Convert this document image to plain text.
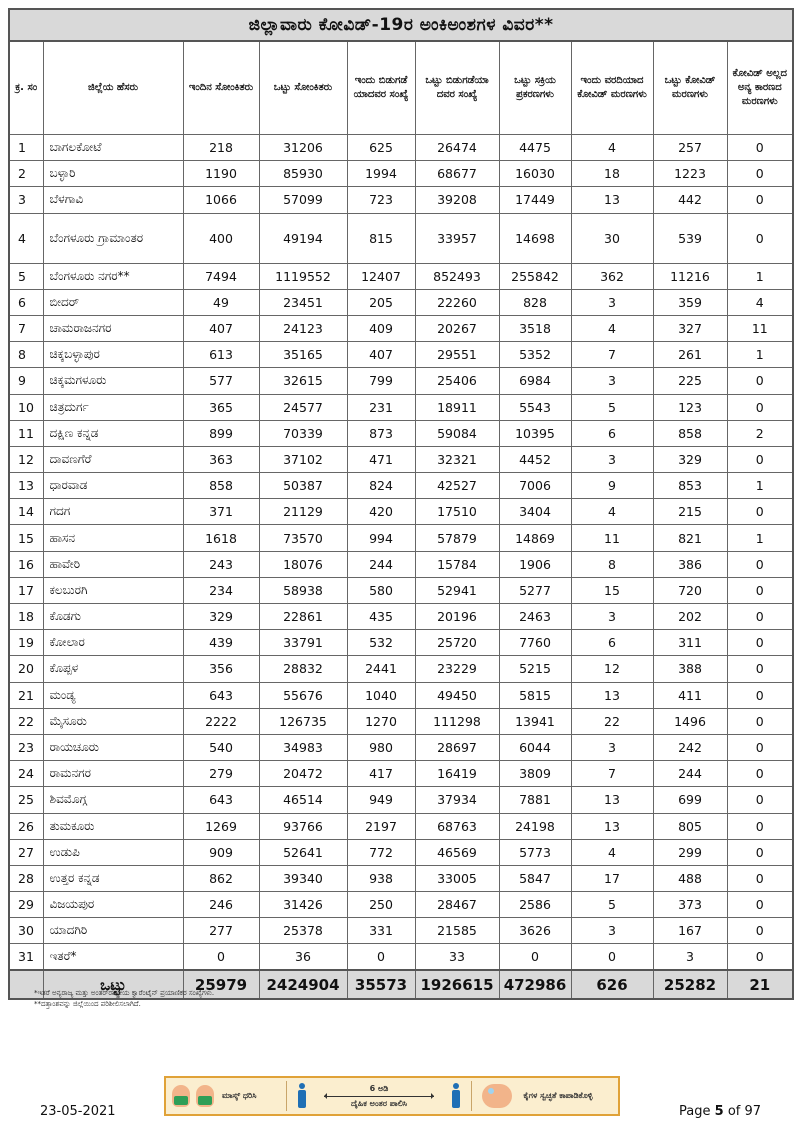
ಜಿಲ್ಲಾವಾರು ಕೋವಿಡ್-19ರ ಅಂಕಿಅಂಶಗಳ ವಿವರ**									
ಕ್ರ. ಸಂ	ಜಿಲ್ಲೆಯ ಹೆಸರು	ಇಂದಿನ ಸೋಂಕಿತರು	ಒಟ್ಟು ಸೋಂಕಿತರು	ಇಂದು ಬಿಡುಗಡೆ ಯಾದವರ ಸಂಖ್ಯೆ	ಒಟ್ಟು ಬಿಡುಗಡೆಯಾ ದವರ ಸಂಖ್ಯೆ	ಒಟ್ಟು ಸಕ್ರಿಯ ಪ್ರಕರಣಗಳು	ಇಂದು ವರದಿಯಾದ ಕೋವಿಡ್ ಮರಣಗಳು	ಒಟ್ಟು ಕೋವಿಡ್ ಮರಣಗಳು	ಕೋವಿಡ್ ಅಲ್ಲದ ಅನ್ಯ ಕಾರಣದ ಮರಣಗಳು
1	ಬಾಗಲಕೋಟೆ	218	31206	625	26474	4475	4	257	0
2	ಬಳ್ಳಾರಿ	1190	85930	1994	68677	16030	18	1223	0
3	ಬೆಳಗಾವಿ	1066	57099	723	39208	17449	13	442	0
4	ಬೆಂಗಳೂರು ಗ್ರಾಮಾಂತರ	400	49194	815	33957	14698	30	539	0
5	ಬೆಂಗಳೂರು ನಗರ**	7494	1119552	12407	852493	255842	362	11216	1
6	ಬೀದರ್	49	23451	205	22260	828	3	359	4
7	ಚಾಮರಾಜನಗರ	407	24123	409	20267	3518	4	327	11
8	ಚಿಕ್ಕಬಳ್ಳಾಪುರ	613	35165	407	29551	5352	7	261	1
9	ಚಿಕ್ಕಮಗಳೂರು	577	32615	799	25406	6984	3	225	0
10	ಚಿತ್ರದುರ್ಗ	365	24577	231	18911	5543	5	123	0
11	ದಕ್ಷಿಣ ಕನ್ನಡ	899	70339	873	59084	10395	6	858	2
12	ದಾವಣಗೆರೆ	363	37102	471	32321	4452	3	329	0
13	ಧಾರವಾಡ	858	50387	824	42527	7006	9	853	1
14	ಗದಗ	371	21129	420	17510	3404	4	215	0
15	ಹಾಸನ	1618	73570	994	57879	14869	11	821	1
16	ಹಾವೇರಿ	243	18076	244	15784	1906	8	386	0
17	ಕಲಬುರಗಿ	234	58938	580	52941	5277	15	720	0
18	ಕೊಡಗು	329	22861	435	20196	2463	3	202	0
19	ಕೋಲಾರ	439	33791	532	25720	7760	6	311	0
20	ಕೊಪ್ಪಳ	356	28832	2441	23229	5215	12	388	0
21	ಮಂಡ್ಯ	643	55676	1040	49450	5815	13	411	0
22	ಮೈಸೂರು	2222	126735	1270	111298	13941	22	1496	0
23	ರಾಯಚೂರು	540	34983	980	28697	6044	3	242	0
24	ರಾಮನಗರ	279	20472	417	16419	3809	7	244	0
25	ಶಿವಮೊಗ್ಗ	643	46514	949	37934	7881	13	699	0
26	ತುಮಕೂರು	1269	93766	2197	68763	24198	13	805	0
27	ಉಡುಪಿ	909	52641	772	46569	5773	4	299	0
28	ಉತ್ತರ ಕನ್ನಡ	862	39340	938	33005	5847	17	488	0
29	ವಿಜಯಪುರ	246	31426	250	28467	2586	5	373	0
30	ಯಾದಗಿರಿ	277	25378	331	21585	3626	3	167	0
31	ಇತರೆ*	0	36	0	33	0	0	3	0
	ಒಟ್ಟು	25979	2424904	35573	1926615	472986	626	25282	21
*ಇತರೆ ಅನ್ಯರಾಜ್ಯ ಮತ್ತು ಅಂತರ್‌ರಾಷ್ಟ್ರೀಯ ಕ್ವಾರೆಂಟೈನ್ ಪ್ರಯಾಣಿಕರ ಸಂಖ್ಯೆಗಳು.
**ದತ್ತಾಂಶವನ್ನು ಜಿಲ್ಲೆಯಿಂದ ಪರಿಶೀಲಿಸಲಾಗಿದೆ.
ಮಾಸ್ಕ್ ಧರಿಸಿ
6 ಅಡಿ
ದೈಹಿಕ ಅಂತರ ಪಾಲಿಸಿ
ಕೈಗಳ ಸ್ವಚ್ಛತೆ ಕಾಪಾಡಿಕೊಳ್ಳಿ
23-05-2021	Page 5 of 97
